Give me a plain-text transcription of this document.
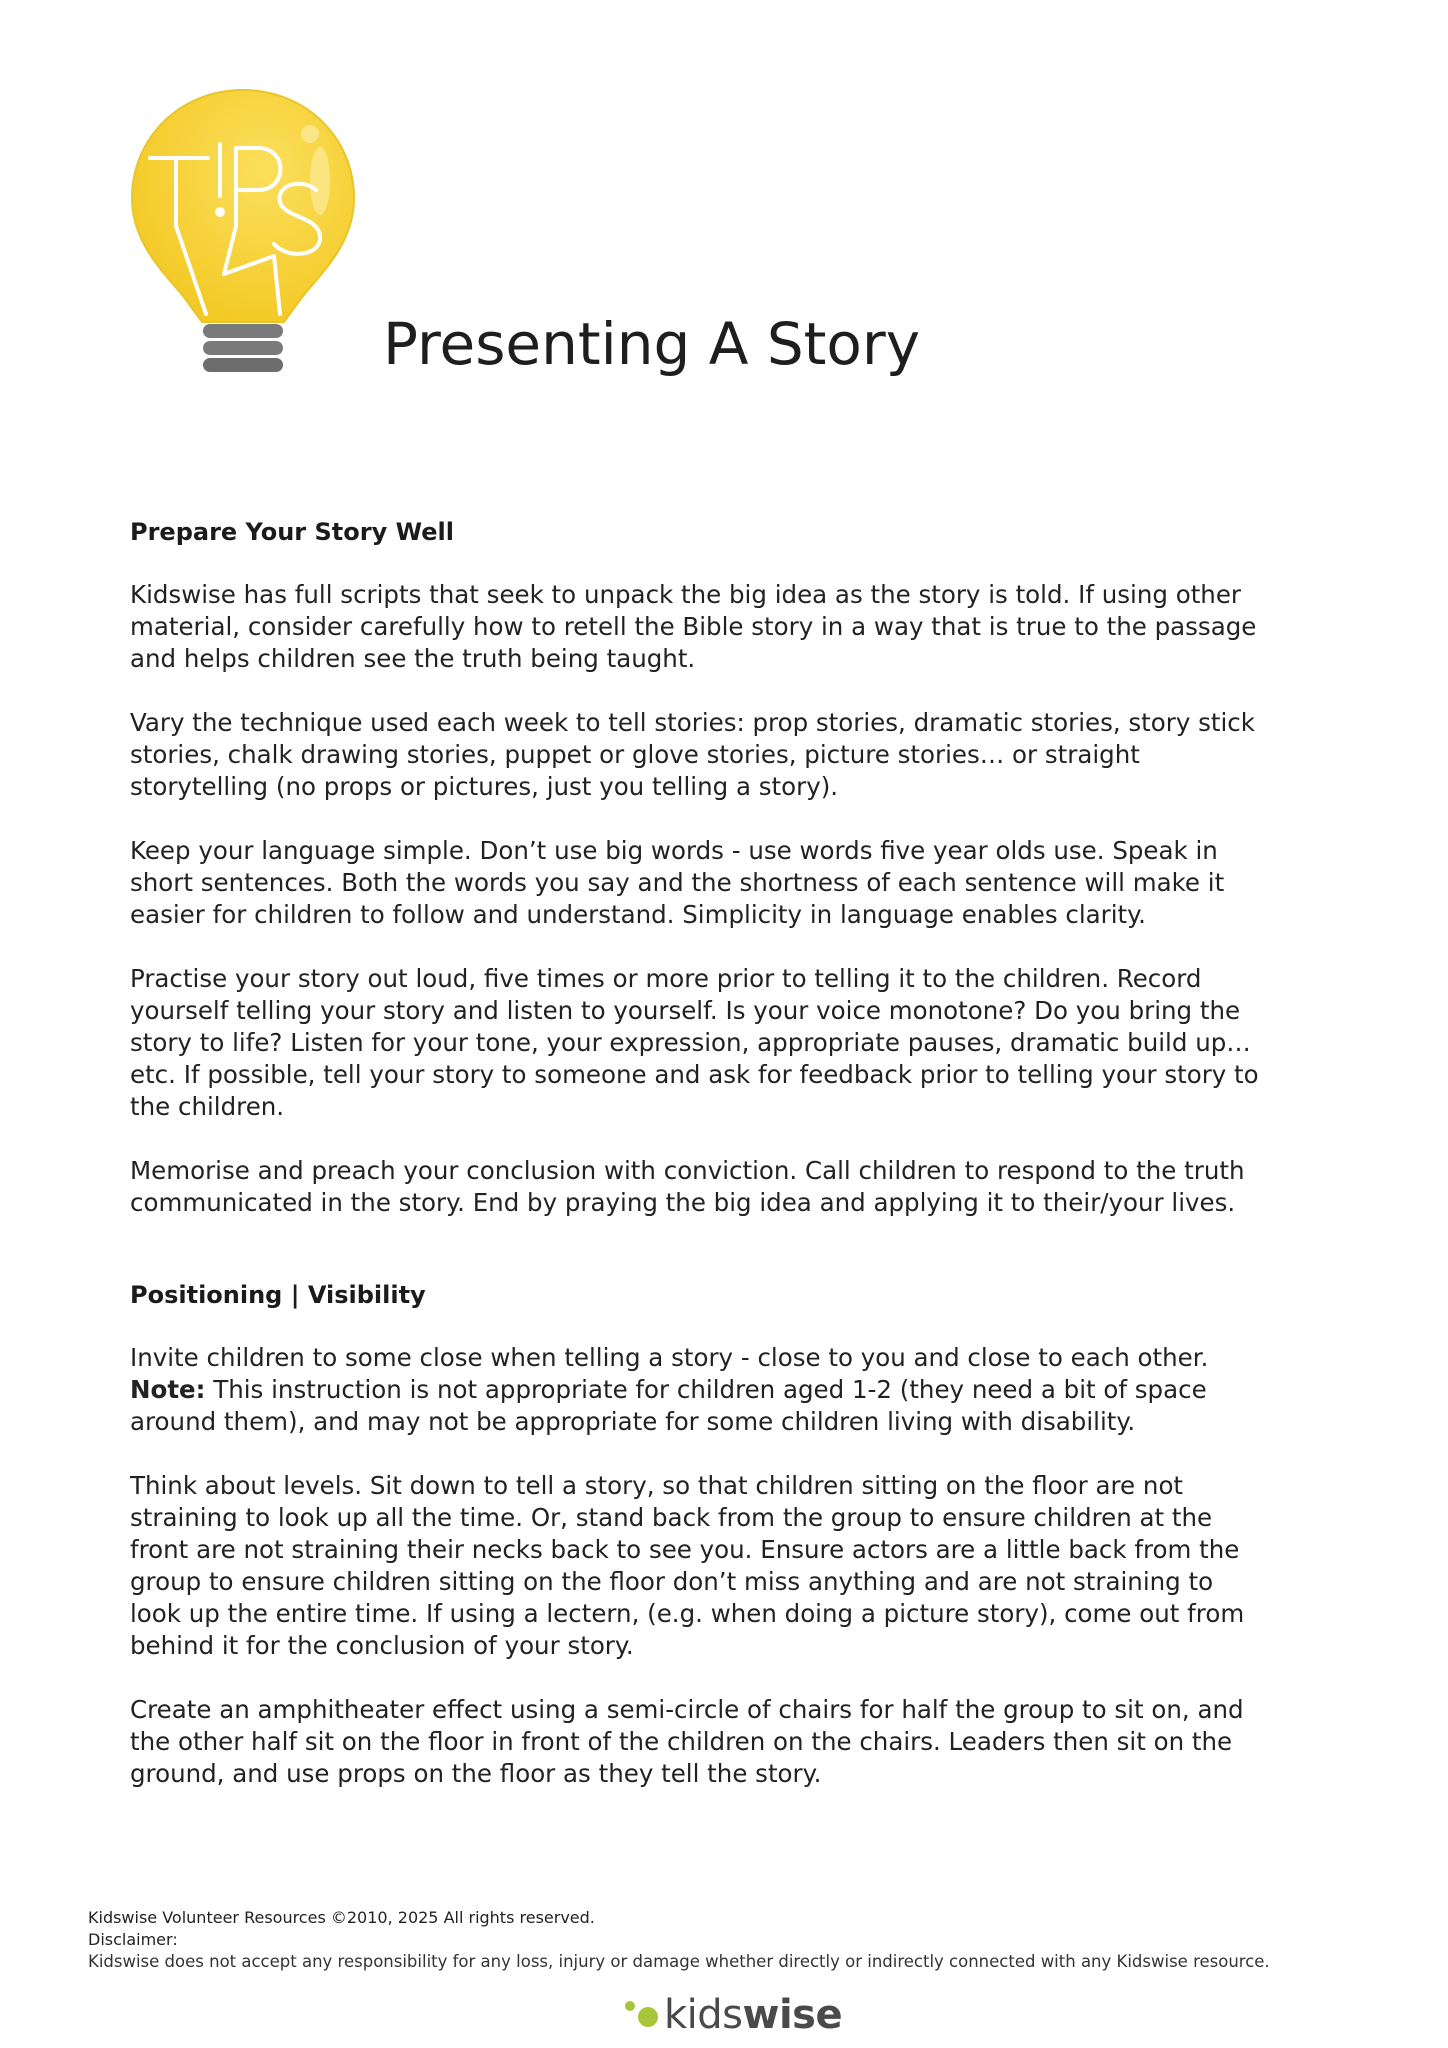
Presenting A Story
Prepare Your Story Well

Kidswise has full scripts that seek to unpack the big idea as the story is told. If using other material, consider carefully how to retell the Bible story in a way that is true to the passage and helps children see the truth being taught.

Vary the technique used each week to tell stories: prop stories, dramatic stories, story stick stories, chalk drawing stories, puppet or glove stories, picture stories… or straight storytelling (no props or pictures, just you telling a story).

Keep your language simple. Don’t use big words - use words five year olds use. Speak in short sentences. Both the words you say and the shortness of each sentence will make it easier for children to follow and understand. Simplicity in language enables clarity.

Practise your story out loud, five times or more prior to telling it to the children. Record yourself telling your story and listen to yourself. Is your voice monotone? Do you bring the story to life? Listen for your tone, your expression, appropriate pauses, dramatic build up… etc. If possible, tell your story to someone and ask for feedback prior to telling your story to the children.

Memorise and preach your conclusion with conviction. Call children to respond to the truth communicated in the story. End by praying the big idea and applying it to their/your lives.

Positioning | Visibility

Invite children to some close when telling a story - close to you and close to each other.
Note: This instruction is not appropriate for children aged 1-2 (they need a bit of space around them), and may not be appropriate for some children living with disability.

Think about levels. Sit down to tell a story, so that children sitting on the floor are not straining to look up all the time. Or, stand back from the group to ensure children at the front are not straining their necks back to see you. Ensure actors are a little back from the group to ensure children sitting on the floor don’t miss anything and are not straining to look up the entire time. If using a lectern, (e.g. when doing a picture story), come out from behind it for the conclusion of your story.

Create an amphitheater effect using a semi-circle of chairs for half the group to sit on, and the other half sit on the floor in front of the children on the chairs. Leaders then sit on the ground, and use props on the floor as they tell the story.

Kidswise Volunteer Resources ©2010, 2025 All rights reserved.
Disclaimer:
Kidswise does not accept any responsibility for any loss, injury or damage whether directly or indirectly connected with any Kidswise resource.
kidswise
